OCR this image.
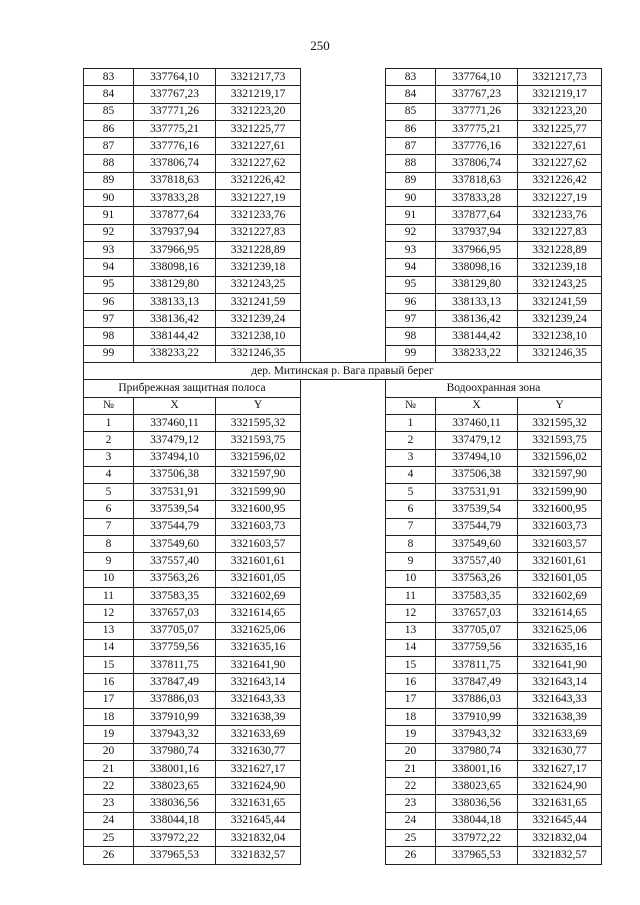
250
83	337764,10	3321217,73		83	337764,10	3321217,73
84	337767,23	3321219,17		84	337767,23	3321219,17
85	337771,26	3321223,20		85	337771,26	3321223,20
86	337775,21	3321225,77		86	337775,21	3321225,77
87	337776,16	3321227,61		87	337776,16	3321227,61
88	337806,74	3321227,62		88	337806,74	3321227,62
89	337818,63	3321226,42		89	337818,63	3321226,42
90	337833,28	3321227,19		90	337833,28	3321227,19
91	337877,64	3321233,76		91	337877,64	3321233,76
92	337937,94	3321227,83		92	337937,94	3321227,83
93	337966,95	3321228,89		93	337966,95	3321228,89
94	338098,16	3321239,18		94	338098,16	3321239,18
95	338129,80	3321243,25		95	338129,80	3321243,25
96	338133,13	3321241,59		96	338133,13	3321241,59
97	338136,42	3321239,24		97	338136,42	3321239,24
98	338144,42	3321238,10		98	338144,42	3321238,10
99	338233,22	3321246,35		99	338233,22	3321246,35
дер. Митинская р. Вага правый берег						
Прибрежная защитная полоса				Водоохранная зона		
№	X	Y		№	X	Y
1	337460,11	3321595,32		1	337460,11	3321595,32
2	337479,12	3321593,75		2	337479,12	3321593,75
3	337494,10	3321596,02		3	337494,10	3321596,02
4	337506,38	3321597,90		4	337506,38	3321597,90
5	337531,91	3321599,90		5	337531,91	3321599,90
6	337539,54	3321600,95		6	337539,54	3321600,95
7	337544,79	3321603,73		7	337544,79	3321603,73
8	337549,60	3321603,57		8	337549,60	3321603,57
9	337557,40	3321601,61		9	337557,40	3321601,61
10	337563,26	3321601,05		10	337563,26	3321601,05
11	337583,35	3321602,69		11	337583,35	3321602,69
12	337657,03	3321614,65		12	337657,03	3321614,65
13	337705,07	3321625,06		13	337705,07	3321625,06
14	337759,56	3321635,16		14	337759,56	3321635,16
15	337811,75	3321641,90		15	337811,75	3321641,90
16	337847,49	3321643,14		16	337847,49	3321643,14
17	337886,03	3321643,33		17	337886,03	3321643,33
18	337910,99	3321638,39		18	337910,99	3321638,39
19	337943,32	3321633,69		19	337943,32	3321633,69
20	337980,74	3321630,77		20	337980,74	3321630,77
21	338001,16	3321627,17		21	338001,16	3321627,17
22	338023,65	3321624,90		22	338023,65	3321624,90
23	338036,56	3321631,65		23	338036,56	3321631,65
24	338044,18	3321645,44		24	338044,18	3321645,44
25	337972,22	3321832,04		25	337972,22	3321832,04
26	337965,53	3321832,57		26	337965,53	3321832,57
